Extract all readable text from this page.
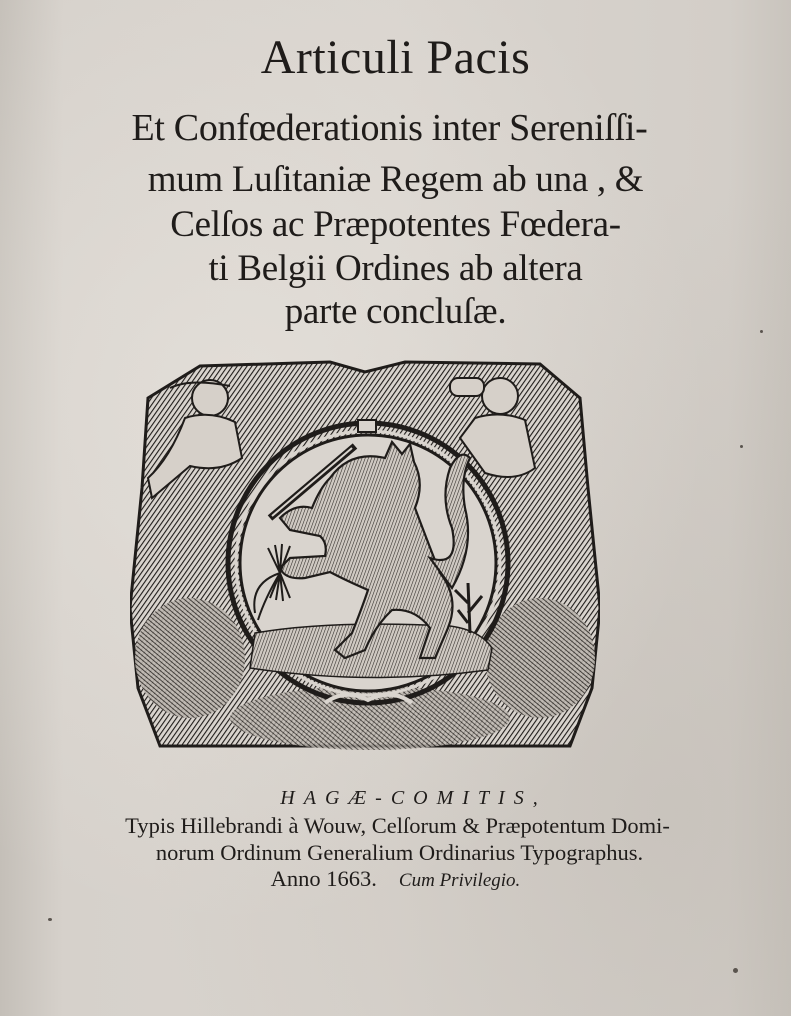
Articuli Pacis
Et Confœderationis inter Sereniſſi-
mum Luſitaniæ Regem ab una , &
Celſos ac Præpotentes Fœdera-
ti Belgii Ordines ab altera
parte concluſæ.
HAGÆ-COMITIS,
Typis Hillebrandi à Wouw, Celſorum & Præpotentum Domi-
norum Ordinum Generalium Ordinarius Typographus.
Anno 1663. Cum Privilegio.
